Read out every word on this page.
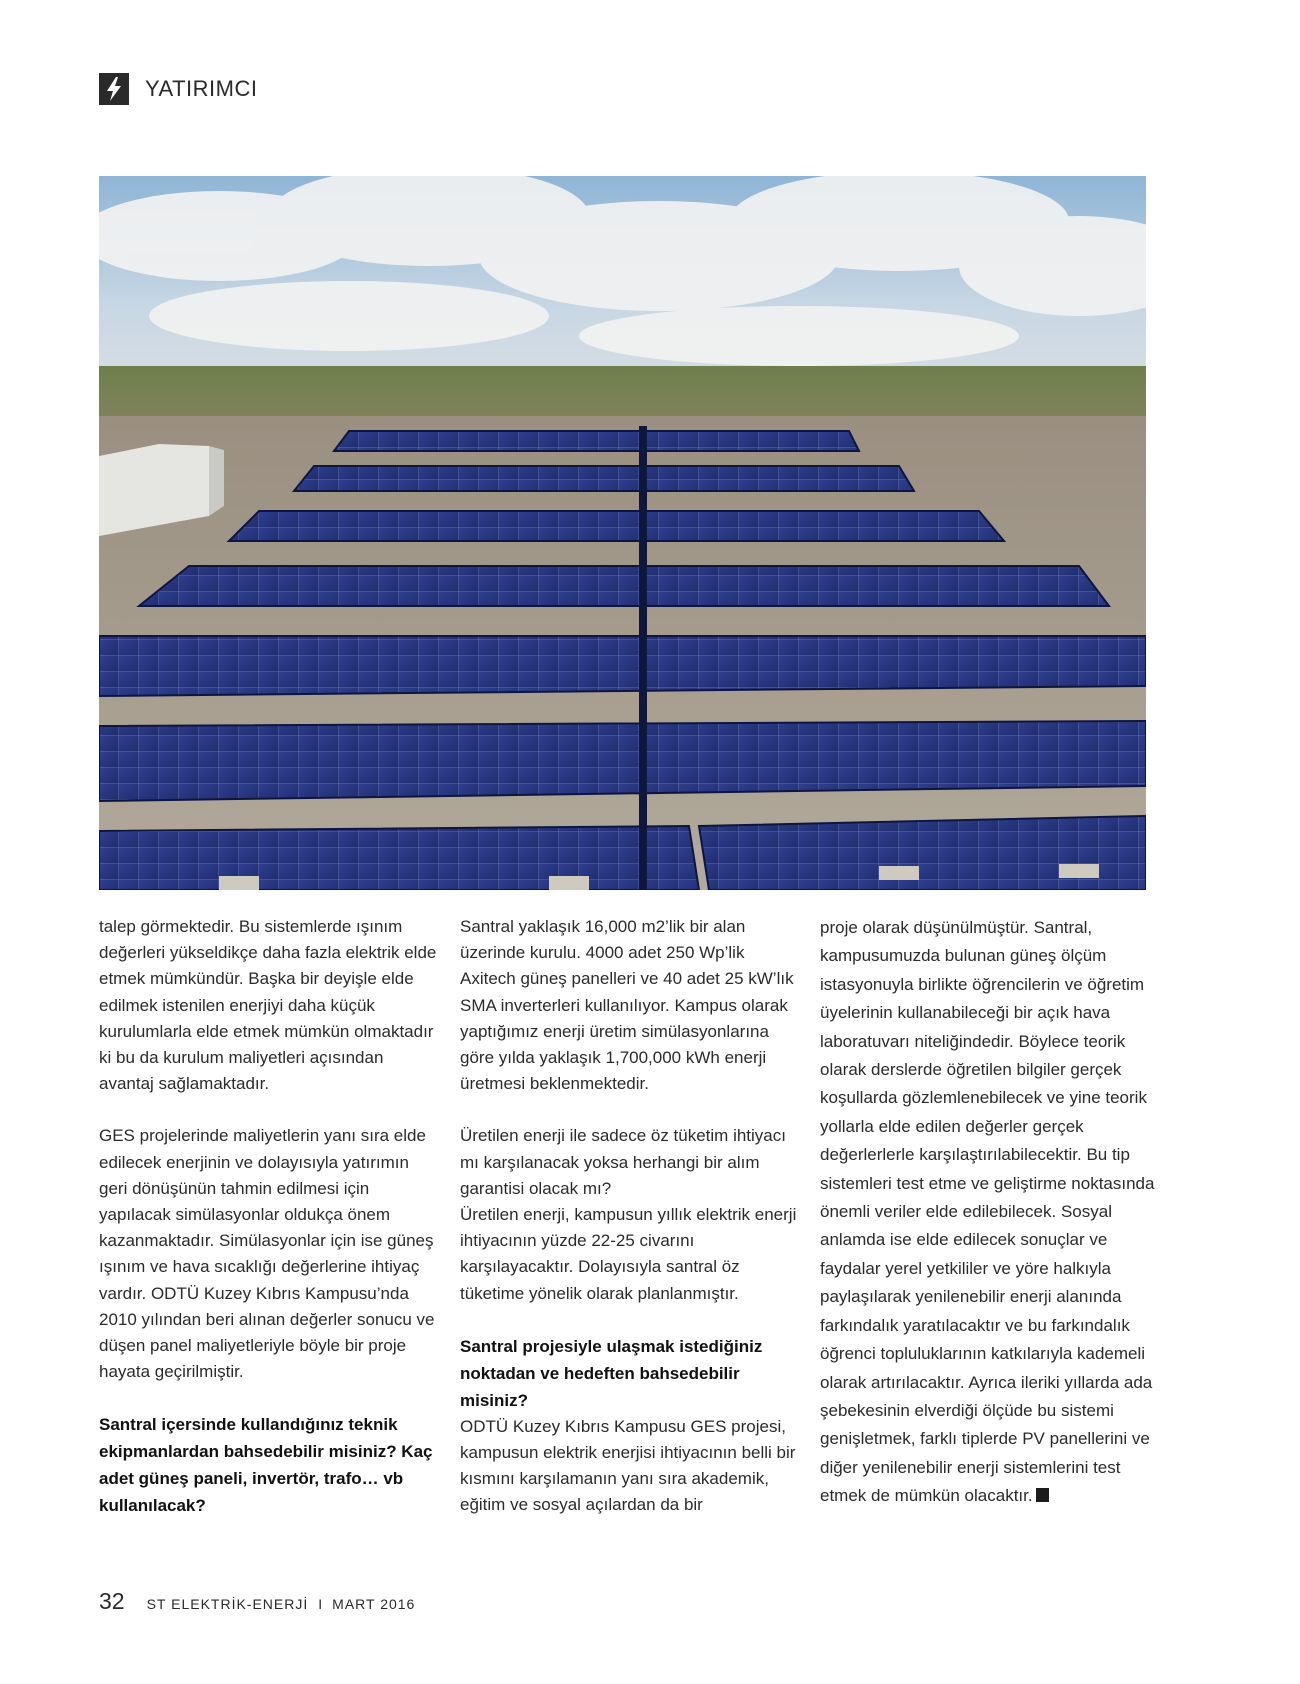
YATIRIMCI

talep görmektedir. Bu sistemlerde ışınım değerleri yükseldikçe daha fazla elektrik elde etmek mümkündür. Başka bir deyişle elde edilmek istenilen enerjiyi daha küçük kurulumlarla elde etmek mümkün olmaktadır ki bu da kurulum maliyetleri açısından avantaj sağlamaktadır.

GES projelerinde maliyetlerin yanı sıra elde edilecek enerjinin ve dolayısıyla yatırımın geri dönüşünün tahmin edilmesi için yapılacak simülasyonlar oldukça önem kazanmaktadır. Simülasyonlar için ise güneş ışınım ve hava sıcaklığı değerlerine ihtiyaç vardır. ODTÜ Kuzey Kıbrıs Kampusu’nda 2010 yılından beri alınan değerler sonucu ve düşen panel maliyetleriyle böyle bir proje hayata geçirilmiştir.

Santral içersinde kullandığınız teknik ekipmanlardan bahsedebilir misiniz? Kaç adet güneş paneli, invertör, trafo… vb kullanılacak?

Santral yaklaşık 16,000 m2’lik bir alan üzerinde kurulu. 4000 adet 250 Wp’lik Axitech güneş panelleri ve 40 adet 25 kW’lık SMA inverterleri kullanılıyor. Kampus olarak yaptığımız enerji üretim simülasyonlarına göre yılda yaklaşık 1,700,000 kWh enerji üretmesi beklenmektedir.

Üretilen enerji ile sadece öz tüketim ihtiyacı mı karşılanacak yoksa herhangi bir alım garantisi olacak mı?

Üretilen enerji, kampusun yıllık elektrik enerji ihtiyacının yüzde 22-25 civarını karşılayacaktır. Dolayısıyla santral öz tüketime yönelik olarak planlanmıştır.

Santral projesiyle ulaşmak istediğiniz noktadan ve hedeften bahsedebilir misiniz?

ODTÜ Kuzey Kıbrıs Kampusu GES projesi, kampusun elektrik enerjisi ihtiyacının belli bir kısmını karşılamanın yanı sıra akademik, eğitim ve sosyal açılardan da bir

proje olarak düşünülmüştür. Santral, kampusumuzda bulunan güneş ölçüm istasyonuyla birlikte öğrencilerin ve öğretim üyelerinin kullanabileceği bir açık hava laboratuvarı niteliğindedir. Böylece teorik olarak derslerde öğretilen bilgiler gerçek koşullarda gözlemlenebilecek ve yine teorik yollarla elde edilen değerler gerçek değerlerlerle karşılaştırılabilecektir. Bu tip sistemleri test etme ve geliştirme noktasında önemli veriler elde edilebilecek. Sosyal anlamda ise elde edilecek sonuçlar ve faydalar yerel yetkililer ve yöre halkıyla paylaşılarak yenilenebilir enerji alanında farkındalık yaratılacaktır ve bu farkındalık öğrenci topluluklarının katkılarıyla kademeli olarak artırılacaktır. Ayrıca ileriki yıllarda ada şebekesinin elverdiği ölçüde bu sistemi genişletmek, farklı tiplerde PV panellerini ve diğer yenilenebilir enerji sistemlerini test etmek de mümkün olacaktır.

32 ST ELEKTRİK-ENERJİ I MART 2016
